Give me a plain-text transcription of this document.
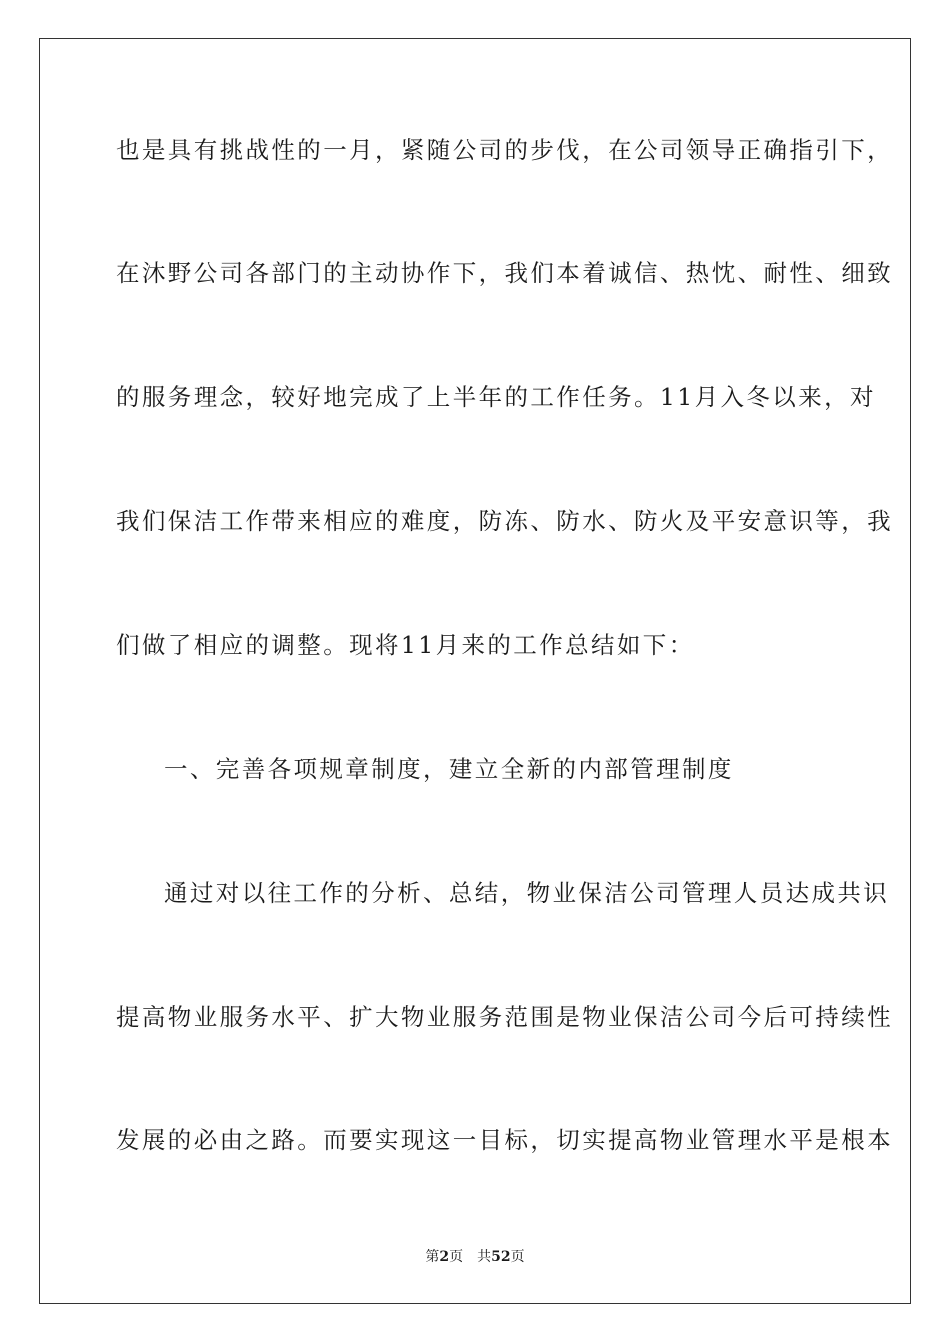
也是具有挑战性的一月，紧随公司的步伐，在公司领导正确指引下，
在沐野公司各部门的主动协作下，我们本着诚信、热忱、耐性、细致
的服务理念，较好地完成了上半年的工作任务。11月入冬以来，对
我们保洁工作带来相应的难度，防冻、防水、防火及平安意识等，我
们做了相应的调整。现将11月来的工作总结如下：
一、完善各项规章制度，建立全新的内部管理制度
通过对以往工作的分析、总结，物业保洁公司管理人员达成共识
提高物业服务水平、扩大物业服务范围是物业保洁公司今后可持续性
发展的必由之路。而要实现这一目标，切实提高物业管理水平是根本
第2页 共52页
